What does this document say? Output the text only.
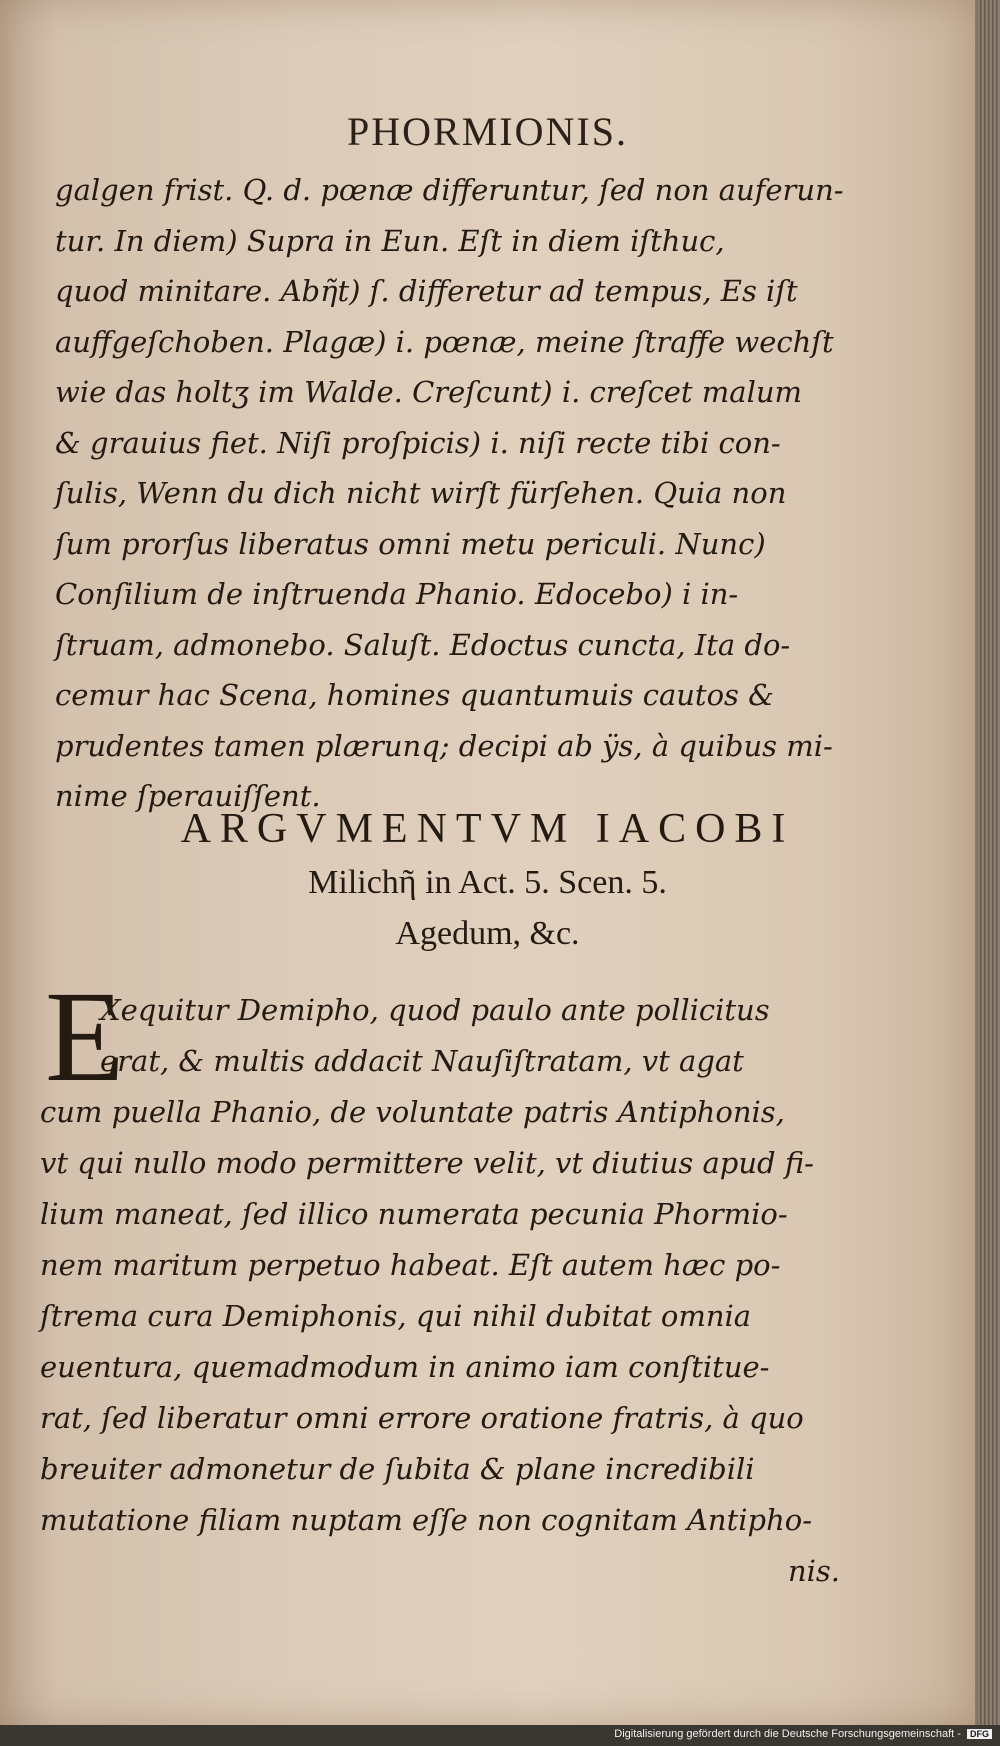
PHORMIONIS.
galgen frist. Q. d. pœnæ differuntur, ſed non auferun-
tur. In diem) Supra in Eun. Eſt in diem iſthuc,
quod minitare. Abῆt) ſ. differetur ad tempus, Es iſt
auffgeſchoben. Plagæ) i. pœnæ, meine ſtraffe wechſt
wie das holtʒ im Walde. Creſcunt) i. creſcet malum
& grauius fiet. Niſi proſpicis) i. niſi recte tibi con-
ſulis, Wenn du dich nicht wirſt fürſehen. Quia non
ſum prorſus liberatus omni metu periculi. Nunc)
Conſilium de inſtruenda Phanio. Edocebo) i in-
ſtruam, admonebo. Saluſt. Edoctus cuncta, Ita do-
cemur hac Scena, homines quantumuis cautos &
prudentes tamen plærunq; decipi ab ÿs, à quibus mi-
nime ſperauiſſent.
ARGVMENTVM IACOBI
Milichῆ in Act. 5. Scen. 5.
Agedum, &c.
E
Xequitur Demipho, quod paulo ante pollicitus
erat, & multis addacit Nauſiſtratam, vt agat
cum puella Phanio, de voluntate patris Antiphonis,
vt qui nullo modo permittere velit, vt diutius apud fi-
lium maneat, ſed illico numerata pecunia Phormio-
nem maritum perpetuo habeat. Eſt autem hæc po-
ſtrema cura Demiphonis, qui nihil dubitat omnia
euentura, quemadmodum in animo iam conſtitue-
rat, ſed liberatur omni errore oratione fratris, à quo
breuiter admonetur de ſubita & plane incredibili
mutatione filiam nuptam eſſe non cognitam Antipho-
nis.
Digitalisierung gefördert durch die Deutsche Forschungsgemeinschaft - DFG
